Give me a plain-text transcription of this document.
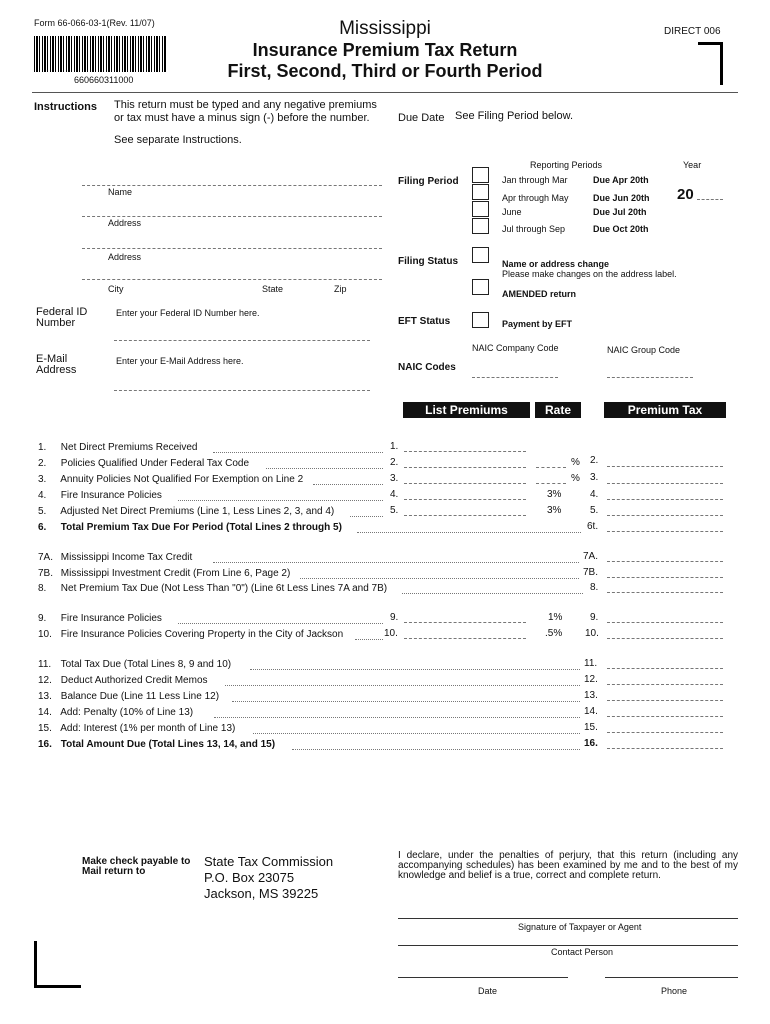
Form 66-066-03-1(Rev. 11/07)
660660311000
Mississippi
Insurance Premium Tax Return
First, Second, Third or Fourth Period
DIRECT 006
Instructions This return must be typed and any negative premiums
or tax must have a minus sign (-) before the number.	Due Date See Filing Period below.
See separate Instructions.
Name
Address
Address
City	State	Zip
Federal ID
Number
Enter your Federal ID Number here.
E-Mail
Address
Enter your E-Mail Address here.
Reporting Periods	Year
Filing Period	Jan through Mar	Due Apr 20th
Apr through May	Due Jun 20th
June	Due Jul 20th
Jul through Sep	Due Oct 20th
20
Filing Status	Name or address change
Please make changes on the address label.
AMENDED return
EFT Status	Payment by EFT
NAIC Company Code	NAIC Group Code
NAIC Codes
List Premiums	Rate	Premium Tax
1. Net Direct Premiums Received	1.
2. Policies Qualified Under Federal Tax Code	2.	% 2.
3. Annuity Policies Not Qualified For Exemption on Line 2	3.	% 3.
4. Fire Insurance Policies	4.	3%	4.
5. Adjusted Net Direct Premiums (Line 1, Less Lines 2, 3, and 4)	5.	3%	5.
6. Total Premium Tax Due For Period (Total Lines 2 through 5)	6t.
7A. Mississippi Income Tax Credit	7A.
7B. Mississippi Investment Credit (From Line 6, Page 2)	7B.
8. Net Premium Tax Due (Not Less Than "0") (Line 6t Less Lines 7A and 7B)	8.
9. Fire Insurance Policies	9.	1%	9.
10. Fire Insurance Policies Covering Property in the City of Jackson	10.	.5% 10.
11. Total Tax Due (Total Lines 8, 9 and 10)	11.
12. Deduct Authorized Credit Memos	12.
13. Balance Due (Line 11 Less Line 12)	13.
14. Add: Penalty (10% of Line 13)	14.
15. Add: Interest (1% per month of Line 13)	15.
16. Total Amount Due (Total Lines 13, 14, and 15)	16.
Make check payable to
Mail return to
State Tax Commission
P.O. Box 23075
Jackson, MS 39225
I declare, under the penalties of perjury, that this return (including any accompanying schedules) has been examined by me and to the best of my knowledge and belief is a true, correct and complete return.
Signature of Taxpayer or Agent
Contact Person
Date	Phone
